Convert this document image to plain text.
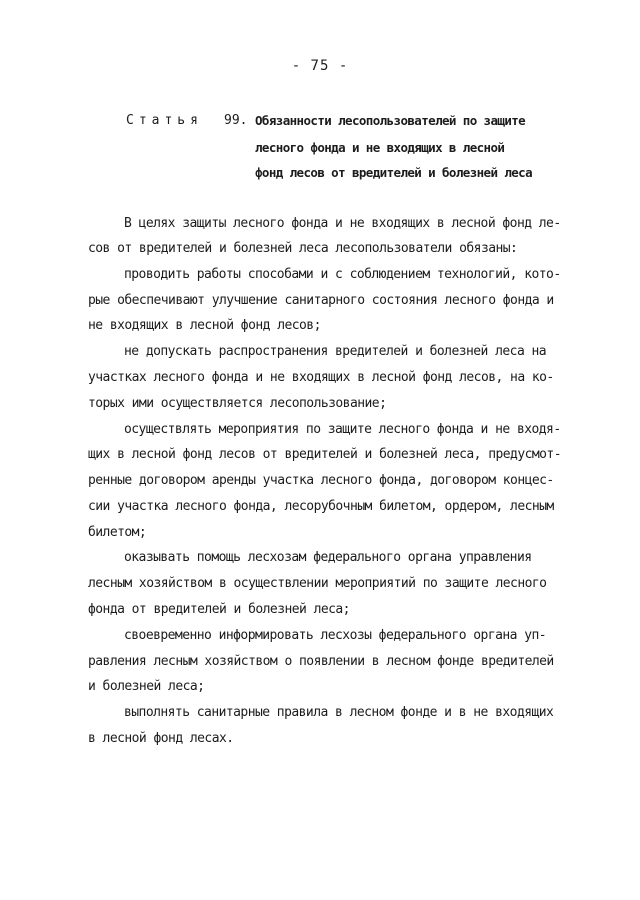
- 75 -
Статья 99. Обязанности лесопользователей по защите
лесного фонда и не входящих в лесной
фонд лесов от вредителей и болезней леса
В целях защиты лесного фонда и не входящих в лесной фонд ле-
сов от вредителей и болезней леса лесопользователи обязаны:
проводить работы способами и с соблюдением технологий, кото-
рые обеспечивают улучшение санитарного состояния лесного фонда и
не входящих в лесной фонд лесов;
не допускать распространения вредителей и болезней леса на
участках лесного фонда и не входящих в лесной фонд лесов, на ко-
торых ими осуществляется лесопользование;
осуществлять мероприятия по защите лесного фонда и не входя-
щих в лесной фонд лесов от вредителей и болезней леса, предусмот-
ренные договором аренды участка лесного фонда, договором концес-
сии участка лесного фонда, лесорубочным билетом, ордером, лесным
билетом;
оказывать помощь лесхозам федерального органа управления
лесным хозяйством в осуществлении мероприятий по защите лесного
фонда от вредителей и болезней леса;
своевременно информировать лесхозы федерального органа уп-
равления лесным хозяйством о появлении в лесном фонде вредителей
и болезней леса;
выполнять санитарные правила в лесном фонде и в не входящих
в лесной фонд лесах.
